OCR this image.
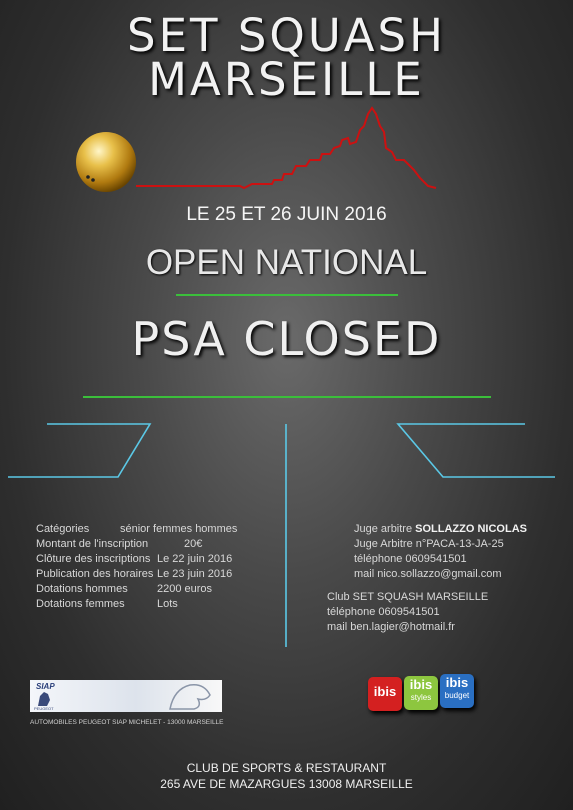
SET SQUASH
MARSEILLE
LE 25 ET 26 JUIN 2016
OPEN NATIONAL
PSA CLOSED
Catégories	sénior femmes hommes
Montant de l'inscription	20€
Clôture des inscriptions Le 22 juin 2016
Publication des horaires Le 23 juin 2016
Dotations hommes	2200 euros
Dotations femmes	Lots
Juge arbitre SOLLAZZO NICOLAS
Juge Arbitre n°PACA-13-JA-25
téléphone 0609541501
mail nico.sollazzo@gmail.com
Club SET SQUASH MARSEILLE
téléphone 0609541501
mail ben.lagier@hotmail.fr
SIAP
PEUGEOT
AUTOMOBILES PEUGEOT SIAP MICHELET - 13000 MARSEILLE
ibis	ibis
styles
ibis
budget
CLUB DE SPORTS & RESTAURANT
265 AVE DE MAZARGUES 13008 MARSEILLE
